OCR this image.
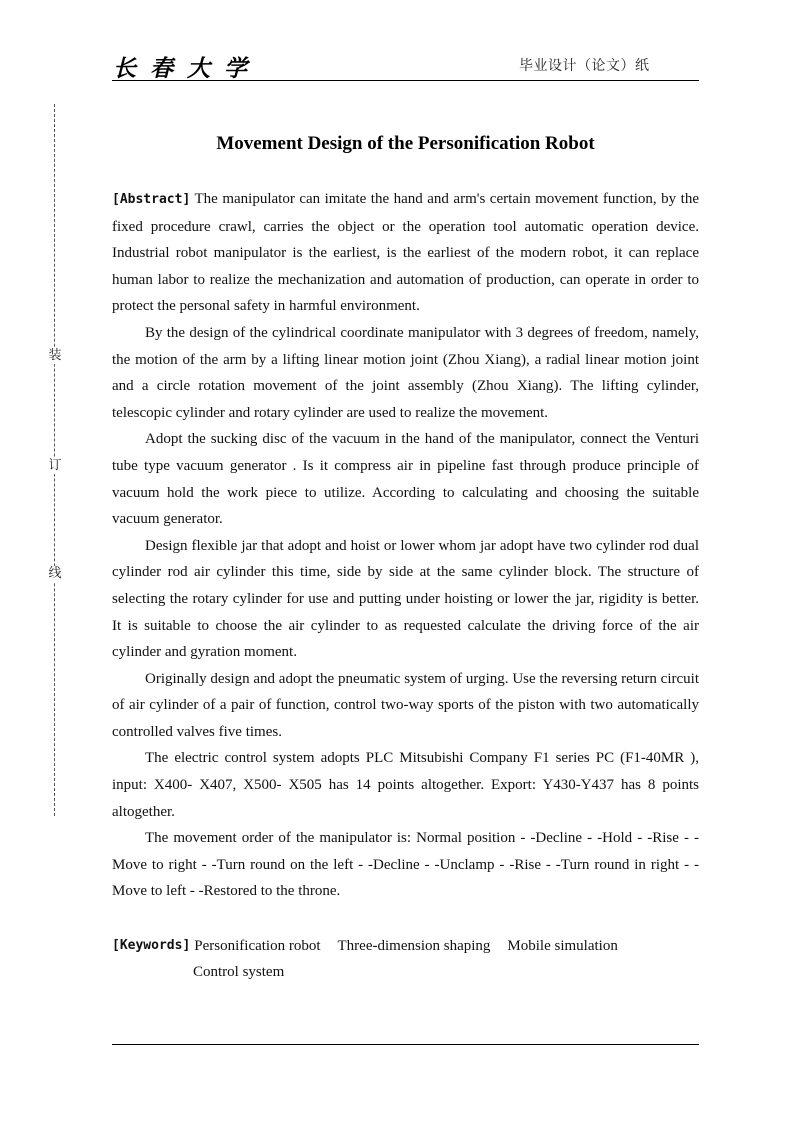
长春大学	毕业设计（论文）纸
装
订
线
Movement Design of the Personification Robot

[Abstract] The manipulator can imitate the hand and arm's certain movement function, by the fixed procedure crawl, carries the object or the operation tool automatic operation device. Industrial robot manipulator is the earliest, is the earliest of the modern robot, it can replace human labor to realize the mechanization and automation of production, can operate in order to protect the personal safety in harmful environment.

By the design of the cylindrical coordinate manipulator with 3 degrees of freedom, namely, the motion of the arm by a lifting linear motion joint (Zhou Xiang), a radial linear motion joint and a circle rotation movement of the joint assembly (Zhou Xiang). The lifting cylinder, telescopic cylinder and rotary cylinder are used to realize the movement.

Adopt the sucking disc of the vacuum in the hand of the manipulator, connect the Venturi tube type vacuum generator . Is it compress air in pipeline fast through produce principle of vacuum hold the work piece to utilize. According to calculating and choosing the suitable vacuum generator.

Design flexible jar that adopt and hoist or lower whom jar adopt have two cylinder rod dual cylinder rod air cylinder this time, side by side at the same cylinder block. The structure of selecting the rotary cylinder for use and putting under hoisting or lower the jar, rigidity is better. It is suitable to choose the air cylinder to as requested calculate the driving force of the air cylinder and gyration moment.

Originally design and adopt the pneumatic system of urging. Use the reversing return circuit of air cylinder of a pair of function, control two-way sports of the piston with two automatically controlled valves five times.

The electric control system adopts PLC Mitsubishi Company F1 series PC (F1-40MR ), input: X400- X407, X500- X505 has 14 points altogether. Export: Y430-Y437 has 8 points altogether.

The movement order of the manipulator is: Normal position - -Decline - -Hold - -Rise - -Move to right - -Turn round on the left - -Decline - -Unclamp - -Rise - -Turn round in right - -Move to left - -Restored to the throne.

[Keywords] Personification robot Three-dimension shaping Mobile simulation
Control system
